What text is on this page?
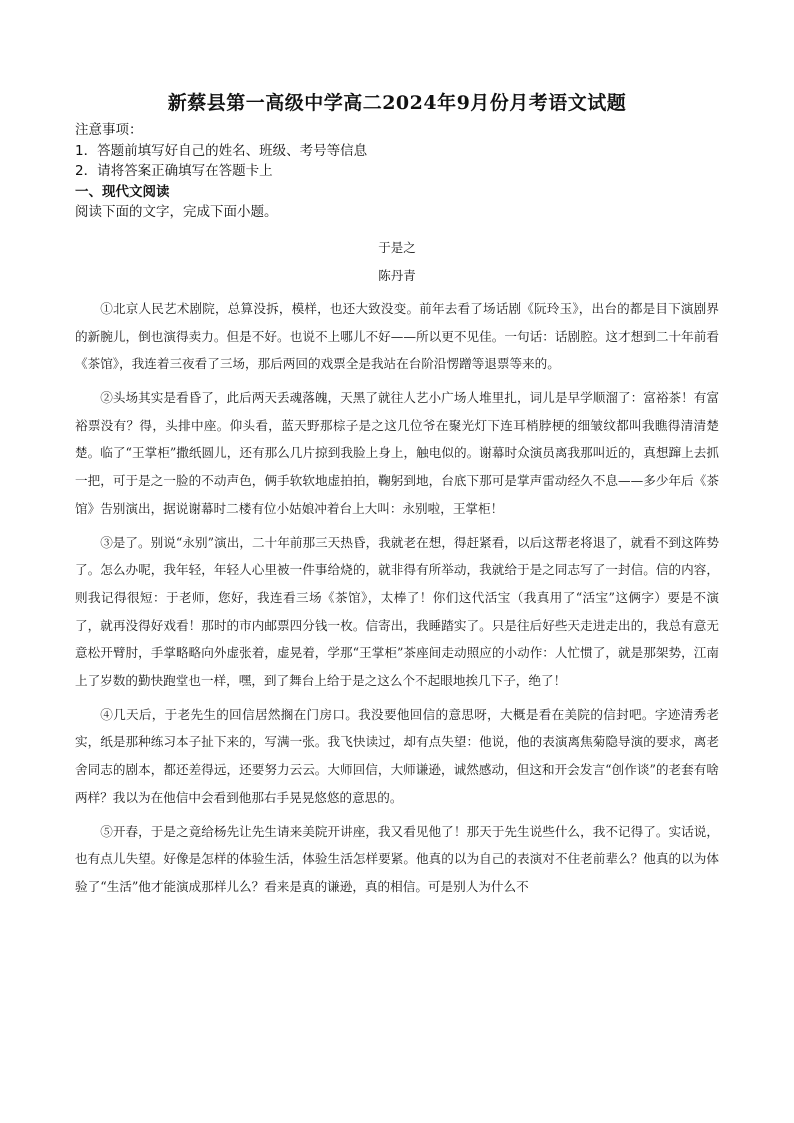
新蔡县第一高级中学高二2024年9月份月考语文试题
注意事项：
1．答题前填写好自己的姓名、班级、考号等信息
2．请将答案正确填写在答题卡上
一、现代文阅读
阅读下面的文字，完成下面小题。
于是之
陈丹青

①北京人民艺术剧院，总算没拆，模样，也还大致没变。前年去看了场话剧《阮玲玉》，出台的都是目下演剧界的新腕儿，倒也演得卖力。但是不好。也说不上哪儿不好——所以更不见佳。一句话：话剧腔。这才想到二十年前看《茶馆》，我连着三夜看了三场，那后两回的戏票全是我站在台阶沿愣蹭等退票等来的。

②头场其实是看昏了，此后两天丢魂落魄，天黑了就往人艺小广场人堆里扎，词儿是早学顺溜了：富裕茶！有富裕票没有？得，头排中座。仰头看，蓝天野那棕子是之这几位爷在聚光灯下连耳梢脖梗的细皱纹都叫我瞧得清清楚楚。临了“王掌柜”撒纸圆儿，还有那么几片掠到我脸上身上，触电似的。谢幕时众演员离我那叫近的，真想蹿上去抓一把，可于是之一脸的不动声色，俩手软软地虚拍拍，鞠躬到地，台底下那可是掌声雷动经久不息——多少年后《茶馆》告别演出，据说谢幕时二楼有位小姑娘冲着台上大叫：永别啦，王掌柜！

③是了。别说“永别”演出，二十年前那三天热昏，我就老在想，得赶紧看，以后这帮老将退了，就看不到这阵势了。怎么办呢，我年轻，年轻人心里被一件事给烧的，就非得有所举动，我就给于是之同志写了一封信。信的内容，则我记得很短：于老师，您好，我连看三场《茶馆》，太棒了！你们这代活宝（我真用了“活宝”这俩字）要是不演了，就再没得好戏看！那时的市内邮票四分钱一枚。信寄出，我睡踏实了。只是往后好些天走进走出的，我总有意无意松开臂肘，手掌略略向外虚张着，虚晃着，学那“王掌柜”茶座间走动照应的小动作：人忙惯了，就是那架势，江南上了岁数的勤快跑堂也一样，嘿，到了舞台上给于是之这么个不起眼地挨几下子，绝了！

④几天后，于老先生的回信居然搁在门房口。我没要他回信的意思呀，大概是看在美院的信封吧。字迹清秀老实，纸是那种练习本子扯下来的，写满一张。我飞快读过，却有点失望：他说，他的表演离焦菊隐导演的要求，离老舍同志的剧本，都还差得远，还要努力云云。大师回信，大师谦逊，诚然感动，但这和开会发言“创作谈”的老套有啥两样？我以为在他信中会看到他那右手晃晃悠悠的意思的。

⑤开春，于是之竟给杨先让先生请来美院开讲座，我又看见他了！那天于先生说些什么，我不记得了。实话说，也有点儿失望。好像是怎样的体验生活，体验生活怎样要紧。他真的以为自己的表演对不住老前辈么？他真的以为体验了“生活”他才能演成那样儿么？看来是真的谦逊，真的相信。可是别人为什么不
